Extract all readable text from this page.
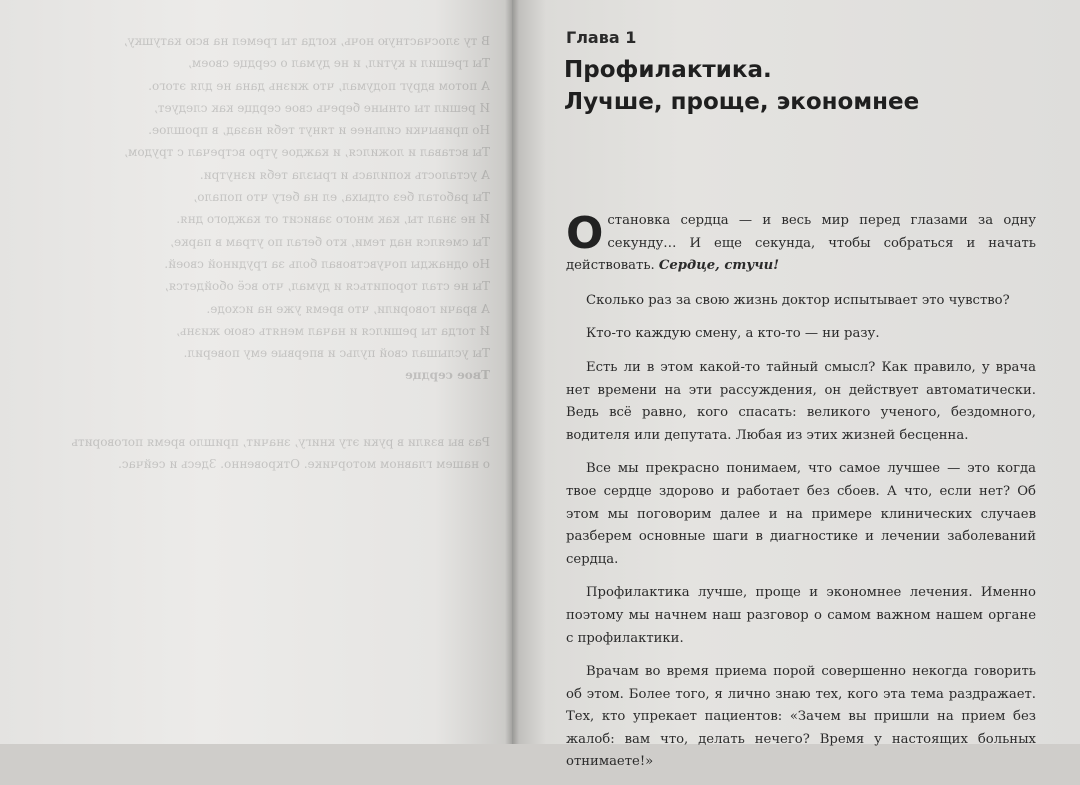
В ту злосчастную ночь, когда ты гремел на всю катушку,
Ты грешил и кутил, и не думал о сердце своем,
А потом вдруг подумал, что жизнь дана не для этого.
И решил ты отныне беречь свое сердце как следует,
Но привычки сильнее и тянут тебя назад, в прошлое.
Ты вставал и ложился, и каждое утро встречал с трудом,
А усталость копилась и грызла тебя изнутри.
Ты работал без отдыха, ел на бегу что попало,
И не знал ты, как много зависит от каждого дня.
Ты смеялся над теми, кто бегал по утрам в парке,
Но однажды почувствовал боль за грудиной своей.
Ты не стал торопиться и думал, что всё обойдется,
А врачи говорили, что время уже на исходе.
И тогда ты решился и начал менять свою жизнь,
Ты услышал свой пульс и впервые ему поверил.
Твое сердце
Раз вы взяли в руки эту книгу, значит, пришло время поговорить
о нашем главном моторчике. Откровенно. Здесь и сейчас.
Глава 1
Профилактика.
Лучше, проще, экономнее

Остановка сердца — и весь мир перед глазами за одну секунду… И еще секунда, чтобы собраться и начать действовать. Сердце, стучи!

Сколько раз за свою жизнь доктор испытывает это чувство?

Кто-то каждую смену, а кто-то — ни разу.

Есть ли в этом какой-то тайный смысл? Как правило, у врача нет времени на эти рассуждения, он действует автоматически. Ведь всё равно, кого спасать: великого ученого, бездомного, водителя или депутата. Любая из этих жизней бесценна.

Все мы прекрасно понимаем, что самое лучшее — это когда твое сердце здорово и работает без сбоев. А что, если нет? Об этом мы поговорим далее и на примере клинических случаев разберем основные шаги в диагностике и лечении заболеваний сердца.

Профилактика лучше, проще и экономнее лечения. Именно поэтому мы начнем наш разговор о самом важном нашем органе с профилактики.

Врачам во время приема порой совершенно некогда говорить об этом. Более того, я лично знаю тех, кого эта тема раздражает. Тех, кто упрекает пациентов: «Зачем вы пришли на прием без жалоб: вам что, делать нечего? Время у настоящих больных отнимаете!»
